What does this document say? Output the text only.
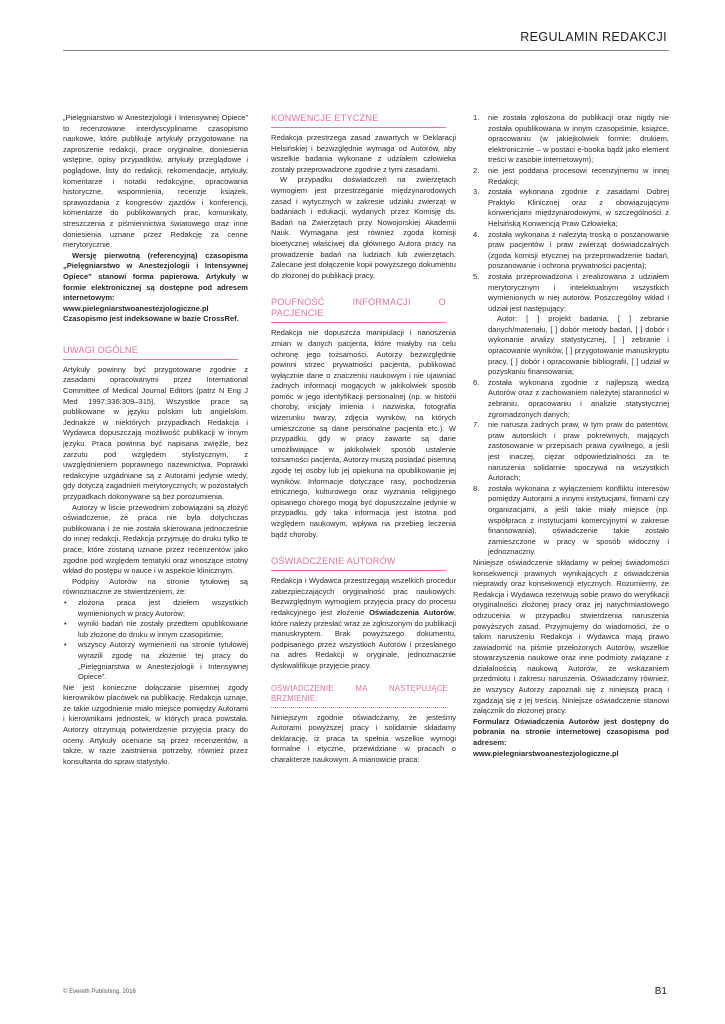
REGULAMIN REDAKCJI

„Pielęgniarstwo w Anestezjologii i Intensywnej Opiece” to recenzowane interdyscyplinarne czasopismo naukowe, które publikuje artykuły przygotowane na zaproszenie redakcji, prace oryginalne, doniesienia wstępne, opisy przypadków, artykuły przeglądowe i poglądowe, listy do redakcji, rekomendacje, artykuły, komentarze i notatki redakcyjne, opracowania historyczne, wspomnienia, recenzje książek, sprawozdania z kongresów zjazdów i konferencji, komentarze do publikowanych prac, komunikaty, streszczenia z piśmiennictwa światowego oraz inne doniesienia uznane przez Redakcję za cenne merytorycznie.

Wersję pierwotną (referencyjną) czasopisma „Pielęgniarstwo w Anestezjologii i Intensywnej Opiece” stanowi forma papierowa. Artykuły w formie elektronicznej są dostępne pod adresem internetowym:

www.pielegniarstwoanestezjologiczne.pl

Czasopismo jest indeksowane w bazie CrossRef.

UWAGI OGÓLNE

Artykuły powinny być przygotowane zgodnie z zasadami opracowanymi przez International Committee of Medical Journal Editors (patrz N Eng J Med 1997;336:309–315). Wszystkie prace są publikowane w języku polskim lub angielskim. Jednakże w niektórych przypadkach Redakcja i Wydawca dopuszczają możliwość publikacji w innym języku. Praca powinna być napisana zwięźle, bez zarzutu pod względem stylistycznym, z uwzględnieniem poprawnego nazewnictwa. Poprawki redakcyjne uzgadniane są z Autorami jedynie wtedy, gdy dotyczą zagadnień merytorycznych; w pozostałych przypadkach dokonywane są bez porozumienia.

Autorzy w liście przewodnim zobowiązani są złożyć oświadczenie, że praca nie była dotychczas publikowana i że nie została skierowana jednocześnie do innej redakcji. Redakcja przyjmuje do druku tylko te prace, które zostaną uznane przez recenzentów jako zgodne pod względem tematyki oraz wnoszące istotny wkład do postępu w nauce i w aspekcie klinicznym.

Podpisy Autorów na stronie tytułowej są równoznaczne ze stwierdzeniem, że:

• złożona praca jest dziełem wszystkich wymienionych w pracy Autorów;
• wyniki badań nie zostały przedtem opublikowane lub złożone do druku w innym czasopiśmie;
• wszyscy Autorzy wymienieni na stronie tytułowej wyrazili zgodę na złożenie tej pracy do „Pielęgniarstwa w Anestezjologii i Intensywnej Opiece”.

Nie jest konieczne dołączanie pisemnej zgody kierowników placówek na publikację. Redakcja uznaje, że takie uzgodnienie miało miejsce pomiędzy Autorami i kierownikami jednostek, w których praca powstała. Autorzy otrzymują potwierdzenie przyjęcia pracy do oceny. Artykuły oceniane są przez recenzentów, a także, w razie zaistnienia potrzeby, również przez konsultanta do spraw statystyki.

KONWENCJE ETYCZNE

Redakcja przestrzega zasad zawartych w Deklaracji Helsińskiej i bezwzględnie wymaga od Autorów, aby wszelkie badania wykonane z udziałem człowieka zostały przeprowadzone zgodnie z tymi zasadami.

W przypadku doświadczeń na zwierzętach wymogiem jest przestrzeganie międzynarodowych zasad i wytycznych w zakresie udziału zwierząt w badaniach i edukacji, wydanych przez Komisję ds. Badań na Zwierzętach przy Nowojorskiej Akademii Nauk. Wymagana jest również zgoda komisji bioetycznej właściwej dla głównego Autora pracy na prowadzenie badań na ludziach lub zwierzętach. Zalecane jest dołączenie kopii powyższego dokumentu do złożonej do publikacji pracy.

POUFNOŚĆ INFORMACJI O PACJENCIE

Redakcja nie dopuszcza manipulacji i nanoszenia zmian w danych pacjenta, które miałyby na celu ochronę jego tożsamości. Autorzy bezwzględnie powinni strzec prywatności pacjenta, publikować wyłącznie dane o znaczeniu naukowym i nie ujawniać żadnych informacji mogących w jakikolwiek sposób pomóc w jego identyfikacji personalnej (np. w historii choroby, inicjały imienia i nazwiska, fotografia wizerunku twarzy, zdjęcia wyników, na których umieszczone są dane personalne pacjenta etc.). W przypadku, gdy w pracy zawarte są dane umożliwiające w jakikolwiek sposób ustalenie tożsamości pacjenta, Autorzy muszą posiadać pisemną zgodę tej osoby lub jej opiekuna na opublikowanie jej wyników. Informacje dotyczące rasy, pochodzenia etnicznego, kulturowego oraz wyznania religijnego opisanego chorego mogą być dopuszczalne jedynie w przypadku, gdy taka informacja jest istotna pod względem naukowym, wpływa na przebieg leczenia bądź choroby.

OŚWIADCZENIE AUTORÓW

Redakcja i Wydawca przestrzegają wszelkich procedur zabezpieczających oryginalność prac naukowych. Bezwzględnym wymogiem przyjęcia pracy do procesu redakcyjnego jest złożenie Oświadczenia Autorów, które należy przesłać wraz ze zgłoszonym do publikacji manuskryptem. Brak powyższego dokumentu, podpisanego przez wszystkich Autorów i przesłanego na adres Redakcji w oryginale, jednoznacznie dyskwalifikuje przyjęcie pracy.

OŚWIADCZENIE MA NASTĘPUJĄCE BRZMIENIE:

Niniejszym zgodnie oświadczamy, że jesteśmy Autorami powyższej pracy i solidarnie składamy deklarację, iż praca ta spełnia wszelkie wymogi formalne i etyczne, przewidziane w pracach o charakterze naukowym. A mianowicie praca:

1. nie została zgłoszona do publikacji oraz nigdy nie została opublikowana w innym czasopiśmie, książce, opracowaniu (w jakiejkolwiek formie: drukiem, elektronicznie – w postaci e-booka bądź jako element treści w zasobie internetowym);
2. nie jest poddana procesowi recenzyjnemu w innej Redakcji;
3. została wykonana zgodnie z zasadami Dobrej Praktyki Klinicznej oraz z obowiązującymi konwencjami międzynarodowymi, w szczególności z Helsińską Konwencją Praw Człowieka;
4. została wykonana z należytą troską o poszanowanie praw pacjentów i praw zwierząt doświadczalnych (zgoda komisji etycznej na przeprowadzenie badań, poszanowanie i ochrona prywatności pacjenta);
5. została przeprowadzona i zrealizowana z udziałem merytorycznym i intelektualnym wszystkich wymienionych w niej autorów. Poszczególny wkład i udział jest następujący:

Autor: [ ] projekt badania, [ ] zebranie danych/materiału, [ ] dobór metody badań, [ ] dobór i wykonanie analizy statystycznej, [ ] zebranie i opracowanie wyników, [ ] przygotowanie manuskryptu pracy, [ ] dobór i opracowanie bibliografii, [ ] udział w pozyskaniu finansowania;

6. została wykonana zgodnie z najlepszą wiedzą Autorów oraz z zachowaniem należytej staranności w zebraniu, opracowaniu i analizie statystycznej zgromadzonych danych;
7. nie narusza żadnych praw, w tym praw do patentów, praw autorskich i praw pokrewnych, mających zastosowanie w przepisach prawa cywilnego, a jeśli jest inaczej, ciężar odpowiedzialności za te naruszenia solidarnie spoczywa na wszystkich Autorach;
8. została wykonana z wyłączeniem konfliktu interesów pomiędzy Autorami a innymi instytucjami, firmami czy organizacjami, a jeśli takie miały miejsce (np. współpraca z instytucjami komercyjnymi w zakresie finansowania), oświadczenie takie zostało zamieszczone w pracy w sposób widoczny i jednoznaczny.

Niniejsze oświadczenie składamy w pełnej świadomości konsekwencji prawnych wynikających z oświadczenia nieprawdy oraz konsekwencji etycznych. Rozumiemy, że Redakcja i Wydawca rezerwują sobie prawo do weryfikacji oryginalności złożonej pracy oraz jej natychmiastowego odrzucenia w przypadku stwierdzenia naruszenia powyższych zasad. Przyjmujemy do wiadomości, że o takim naruszeniu Redakcja i Wydawca mają prawo zawiadomić na piśmie przełożonych Autorów, wszelkie stowarzyszenia naukowe oraz inne podmioty związane z działalnością naukową Autorów, ze wskazaniem przedmiotu i zakresu naruszenia. Oświadczamy również, że wszyscy Autorzy zapoznali się z niniejszą pracą i zgadzają się z jej treścią. Niniejsze oświadczenie stanowi załącznik do złożonej pracy.

Formularz Oświadczenia Autorów jest dostępny do pobrania na stronie internetowej czasopisma pod adresem:

www.pielegniarstwoanestezjologiczne.pl

© Evereth Publishing, 2016	B1
